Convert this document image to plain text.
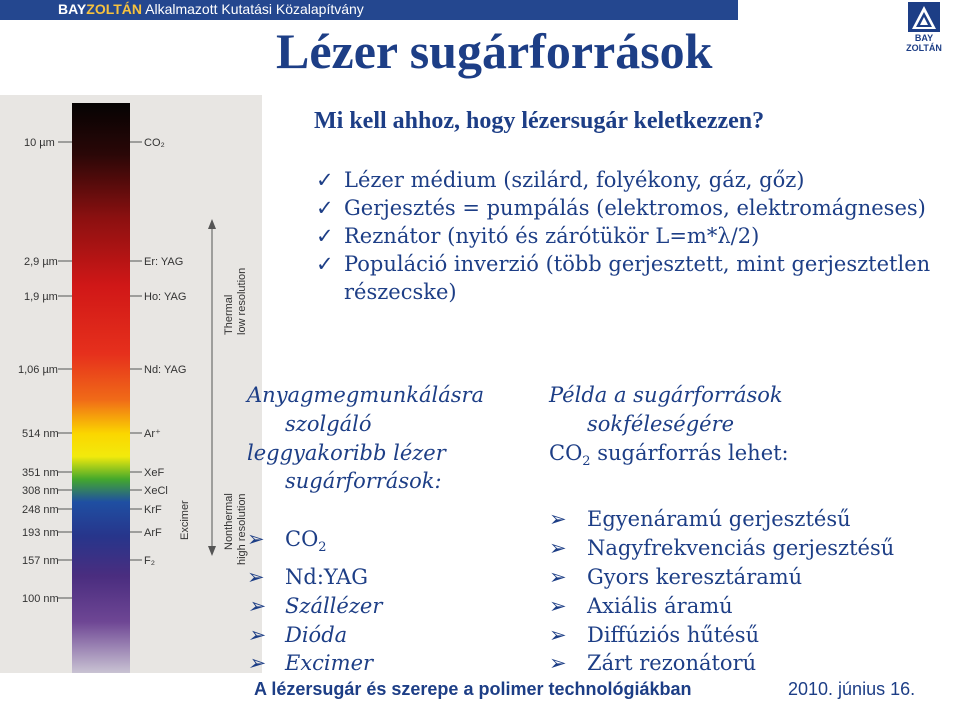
BAYZOLTÁN Alkalmazott Kutatási Közalapítvány
BAY ZOLTÁN
Lézer sugárforrások
10 µm
2,9 µm
1,9 µm
1,06 µm
514 nm
351 nm
308 nm
248 nm
193 nm
157 nm
100 nm
CO₂
Er: YAG
Ho: YAG
Nd: YAG
Ar⁺
XeF
XeCl
KrF
ArF
F₂
Thermal low resolution
Nonthermal high resolution
Excimer
Mi kell ahhoz, hogy lézersugár keletkezzen?
✓ Lézer médium (szilárd, folyékony, gáz, gőz)
✓ Gerjesztés = pumpálás (elektromos, elektromágneses)
✓ Reznátor (nyitó és zárótükör L=m*λ/2)
✓ Populáció inverzió (több gerjesztett, mint gerjesztetlen részecske)
Anyagmegmunkálásra
szolgáló
leggyakoribb lézer
sugárforrások:
➢ $CO_2$
➢ Nd:YAG
➢ Szállézer
➢ Dióda
➢ Excimer
Példa a sugárforrások
sokféleségére
$CO_2$ sugárforrás lehet:
➢ Egyenáramú gerjesztésű
➢ Nagyfrekvenciás gerjesztésű
➢ Gyors keresztáramú
➢ Axiális áramú
➢ Diffúziós hűtésű
➢ Zárt rezonátorú
A lézersugár és szerepe a polimer technológiákban	2010. június 16.
